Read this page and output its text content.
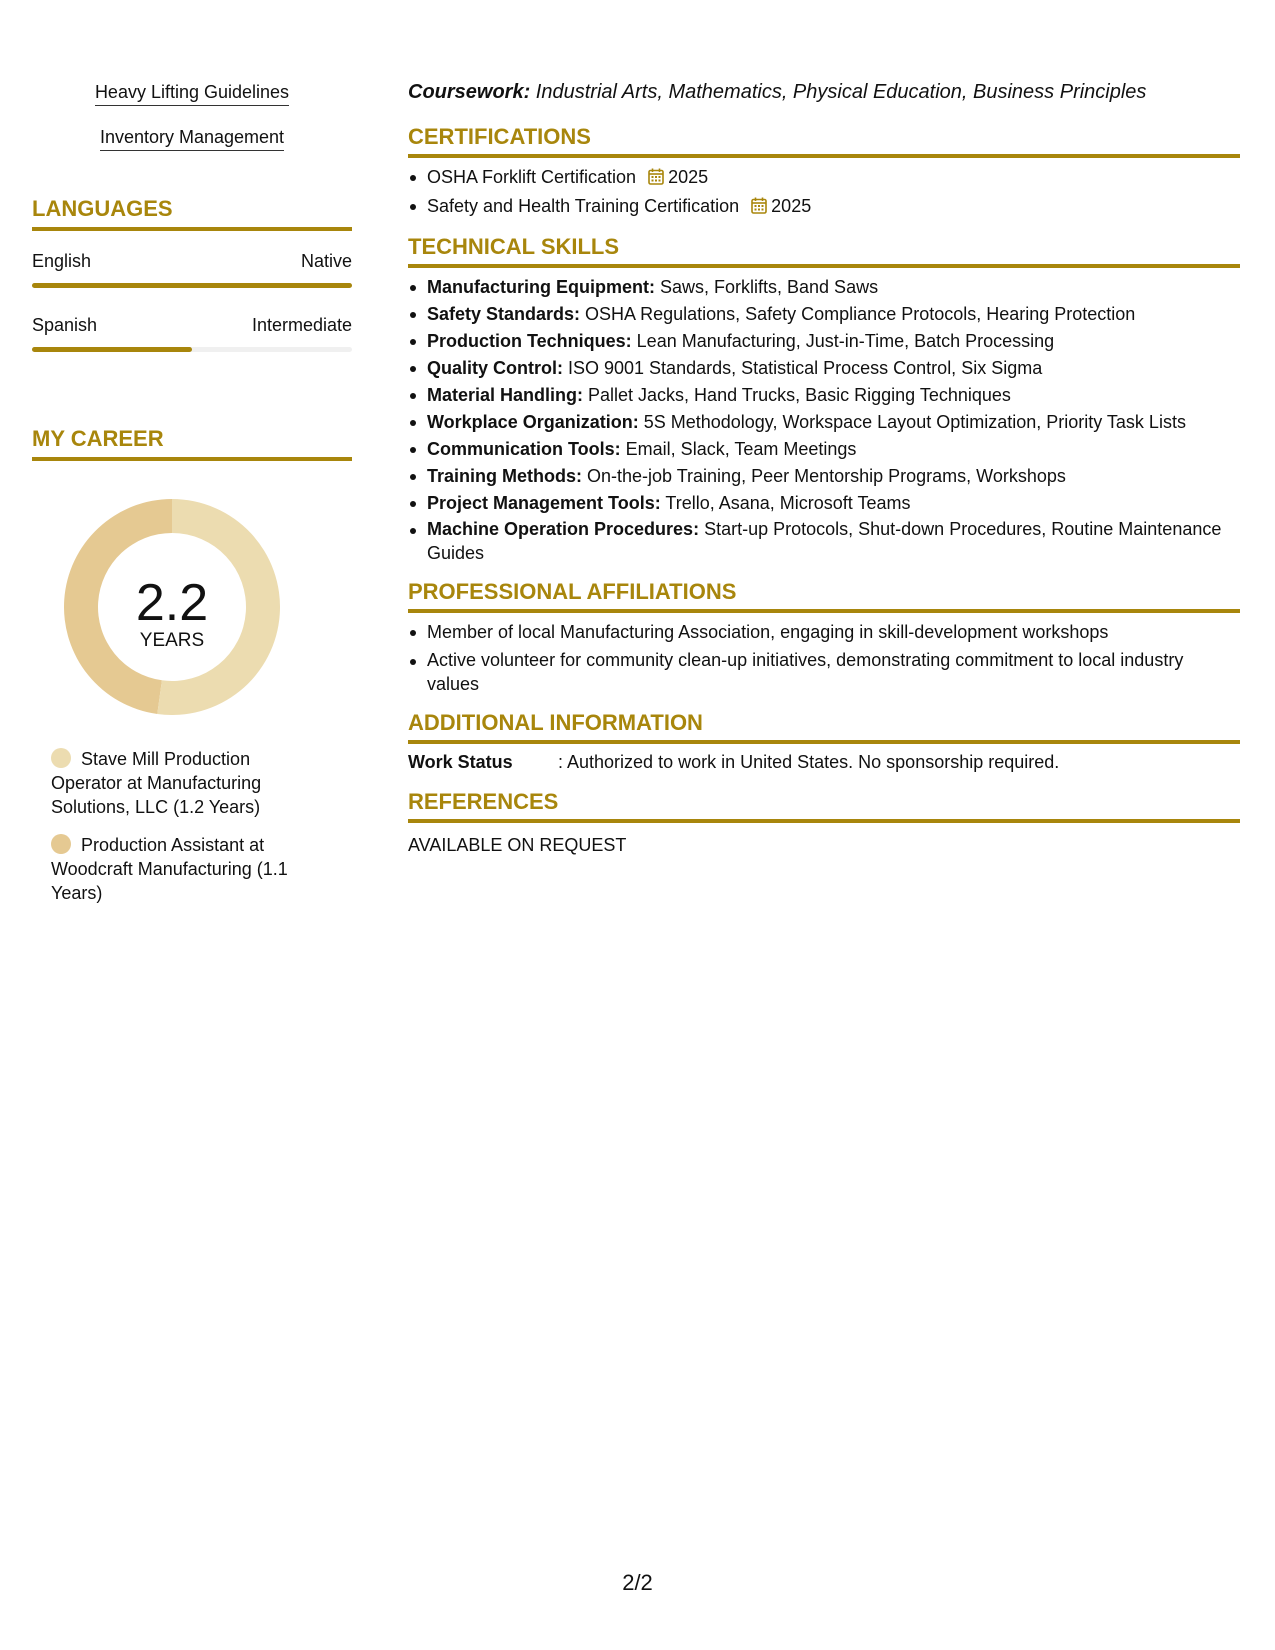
Heavy Lifting Guidelines
Inventory Management
LANGUAGES
English	Native
Spanish	Intermediate
MY CAREER
2.2
YEARS
Stave Mill Production Operator at Manufacturing Solutions, LLC (1.2 Years)
Production Assistant at Woodcraft Manufacturing (1.1 Years)
Coursework: Industrial Arts, Mathematics, Physical Education, Business Principles
CERTIFICATIONS
OSHA Forklift Certification 2025
Safety and Health Training Certification 2025
TECHNICAL SKILLS
Manufacturing Equipment: Saws, Forklifts, Band Saws
Safety Standards: OSHA Regulations, Safety Compliance Protocols, Hearing Protection
Production Techniques: Lean Manufacturing, Just-in-Time, Batch Processing
Quality Control: ISO 9001 Standards, Statistical Process Control, Six Sigma
Material Handling: Pallet Jacks, Hand Trucks, Basic Rigging Techniques
Workplace Organization: 5S Methodology, Workspace Layout Optimization, Priority Task Lists
Communication Tools: Email, Slack, Team Meetings
Training Methods: On-the-job Training, Peer Mentorship Programs, Workshops
Project Management Tools: Trello, Asana, Microsoft Teams
Machine Operation Procedures: Start-up Protocols, Shut-down Procedures, Routine Maintenance Guides
PROFESSIONAL AFFILIATIONS
Member of local Manufacturing Association, engaging in skill-development workshops
Active volunteer for community clean-up initiatives, demonstrating commitment to local industry values
ADDITIONAL INFORMATION
Work Status	: Authorized to work in United States. No sponsorship required.
REFERENCES
AVAILABLE ON REQUEST
2/2
